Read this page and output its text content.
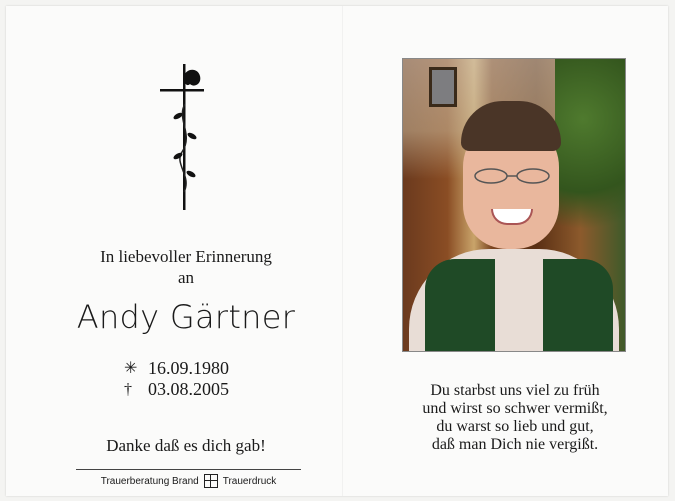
In liebevoller Erinnerung
an
Andy Gärtner
✳ 16.09.1980
† 03.08.2005
Danke daß es dich gab!
Trauerberatung Brand Trauerdruck
Du starbst uns viel zu früh
und wirst so schwer vermißt,
du warst so lieb und gut,
daß man Dich nie vergißt.
